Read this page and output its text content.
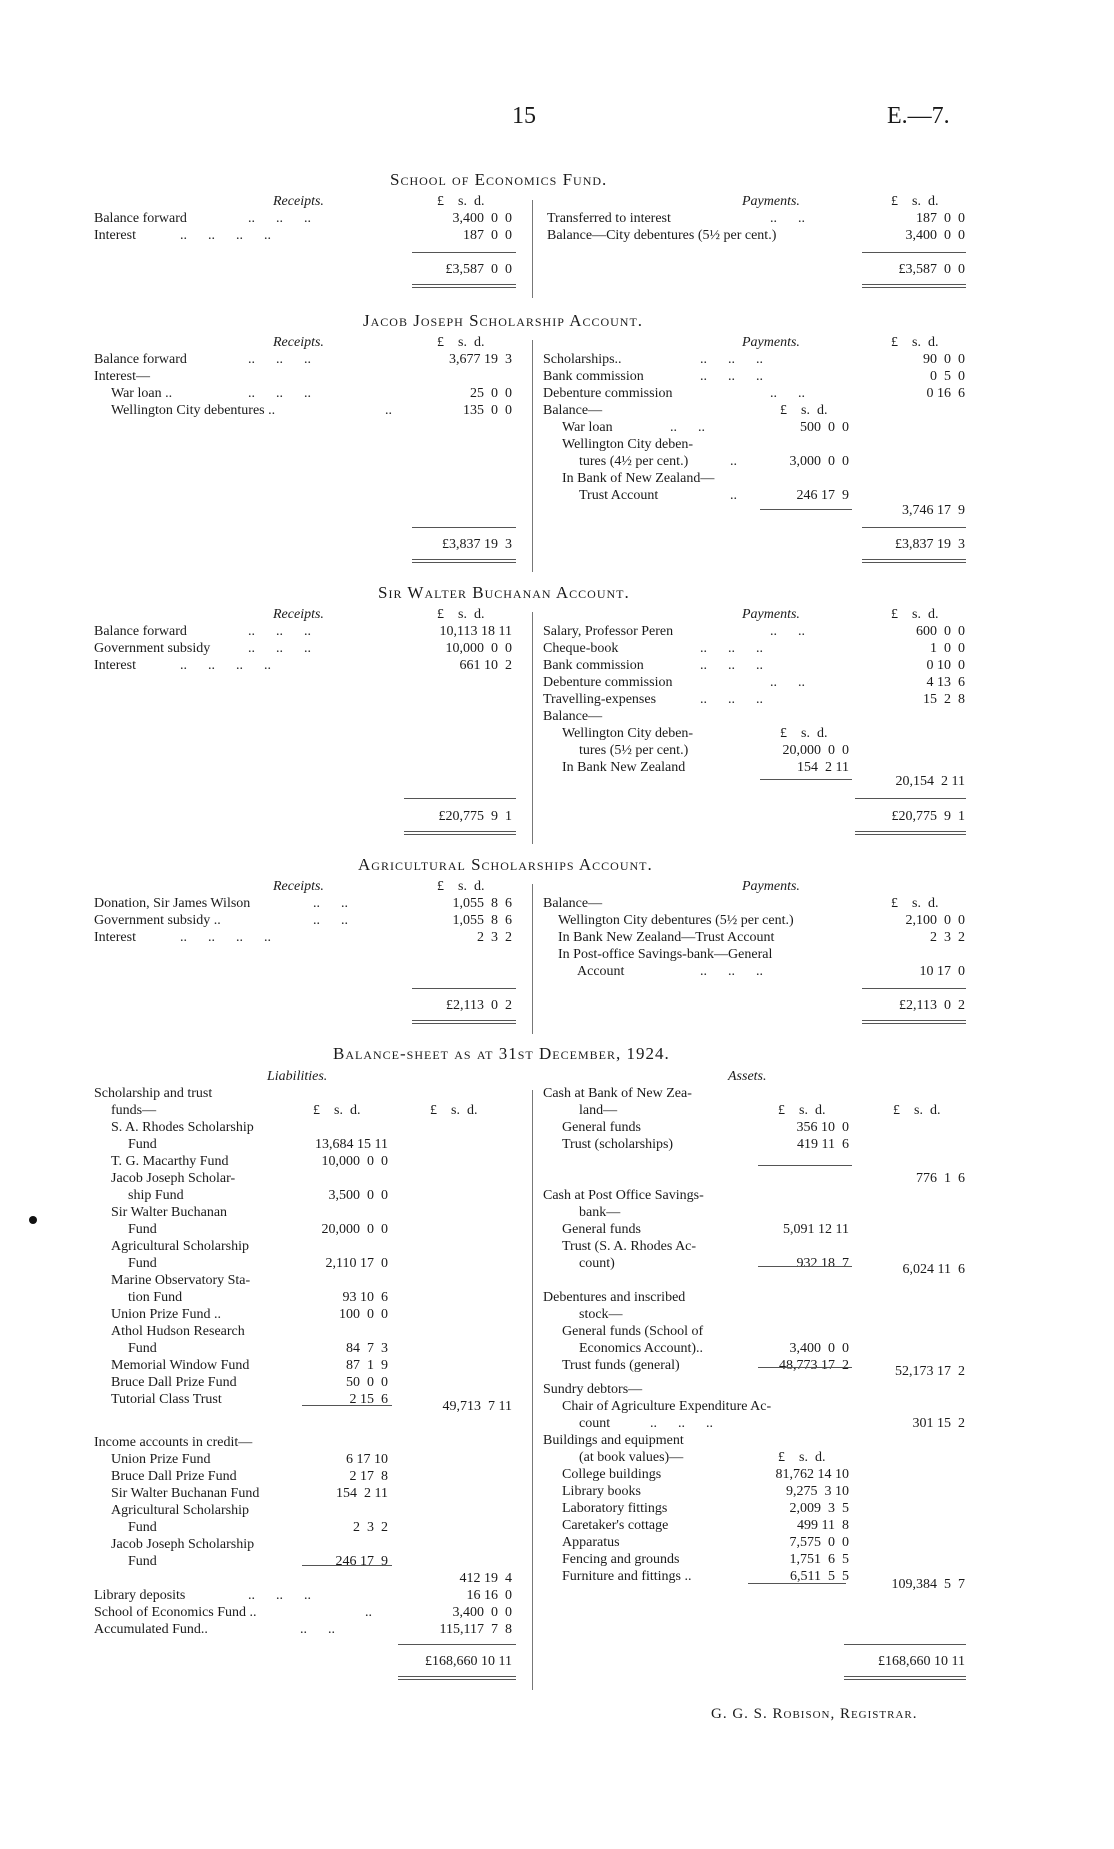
15	E.—7.
School of Economics Fund.
Receipts.	£    s.  d.	Payments.	£    s.  d.
Balance forward	..      ..      ..	3,400  0  0
Interest	..      ..      ..      ..	187  0  0
£3,587  0  0
Transferred to interest	..      ..	187  0  0
Balance—City debentures (5½ per cent.)	3,400  0  0
£3,587  0  0
Jacob Joseph Scholarship Account.
Receipts.	£    s.  d.	Payments.	£    s.  d.
Balance forward	..      ..      ..	3,677 19  3
Interest—
War loan ..	..      ..      ..	25  0  0
Wellington City debentures ..	..	135  0  0
£3,837 19  3
Scholarships..	..      ..      ..	90  0  0
Bank commission	..      ..      ..	0  5  0
Debenture commission	..      ..	0 16  6
Balance—	£    s.  d.
War loan	..      ..	500  0  0
Wellington City deben-
tures (4½ per cent.)	..	3,000  0  0
In Bank of New Zealand—
Trust Account	..	246 17  9
3,746 17  9
£3,837 19  3
Sir Walter Buchanan Account.
Receipts.	£    s.  d.	Payments.	£    s.  d.
Balance forward	..      ..      ..	10,113 18 11
Government subsidy	..      ..      ..	10,000  0  0
Interest	..      ..      ..      ..	661 10  2
£20,775  9  1
Salary, Professor Peren	..      ..	600  0  0
Cheque-book	..      ..      ..	1  0  0
Bank commission	..      ..      ..	0 10  0
Debenture commission	..      ..	4 13  6
Travelling-expenses	..      ..      ..	15  2  8
Balance—
Wellington City deben-	£    s.  d.
tures (5½ per cent.)	20,000  0  0
In Bank New Zealand	154  2 11
20,154  2 11
£20,775  9  1
Agricultural Scholarships Account.
Receipts.	£    s.  d.	Payments.
£    s.  d.
Donation, Sir James Wilson	..      ..	1,055  8  6
Government subsidy ..	..      ..	1,055  8  6
Interest	..      ..      ..      ..	2  3  2
£2,113  0  2
Balance—
Wellington City debentures (5½ per cent.)	2,100  0  0
In Bank New Zealand—Trust Account	2  3  2
In Post-office Savings-bank—General
Account	..      ..      ..	10 17  0
£2,113  0  2
Balance-sheet as at 31st December, 1924.
Liabilities.	Assets.
£    s.  d.	£    s.  d.	£    s.  d.	£    s.  d.
Scholarship and trust
funds—
S. A. Rhodes Scholarship
Fund	13,684 15 11
T. G. Macarthy Fund	10,000  0  0
Jacob Joseph Scholar-
ship Fund	3,500  0  0
Sir Walter Buchanan
Fund	20,000  0  0
Agricultural Scholarship
Fund	2,110 17  0
Marine Observatory Sta-
tion Fund	93 10  6
Union Prize Fund ..	100  0  0
Athol Hudson Research
Fund	84  7  3
Memorial Window Fund	87  1  9
Bruce Dall Prize Fund	50  0  0
Tutorial Class Trust	2 15  6
Income accounts in credit—
Union Prize Fund	6 17 10
Bruce Dall Prize Fund	2 17  8
Sir Walter Buchanan Fund	154  2 11
Agricultural Scholarship
Fund	2  3  2
Jacob Joseph Scholarship
Fund	246 17  9
49,713  7 11
412 19  4
Library deposits	..      ..      ..	16 16  0
School of Economics Fund ..	..	3,400  0  0
Accumulated Fund..	..      ..	115,117  7  8
£168,660 10 11
Cash at Bank of New Zea-
land—
General funds	356 10  0
Trust (scholarships)	419 11  6
776  1  6
Cash at Post Office Savings-
bank—
General funds	5,091 12 11
Trust (S. A. Rhodes Ac-
count)	932 18  7	6,024 11  6
Debentures and inscribed
stock—
General funds (School of
Economics Account)..	3,400  0  0
Trust funds (general)	48,773 17  2	52,173 17  2
Sundry debtors—
Chair of Agriculture Expenditure Ac-
count	..      ..      ..	301 15  2
Buildings and equipment
(at book values)—
College buildings	81,762 14 10
Library books	9,275  3 10
Laboratory fittings	2,009  3  5
Caretaker's cottage	499 11  8
Apparatus	7,575  0  0
Fencing and grounds	1,751  6  5
Furniture and fittings ..	6,511  5  5
£    s.  d.
109,384  5  7
£168,660 10 11
G. G. S. Robison, Registrar.
